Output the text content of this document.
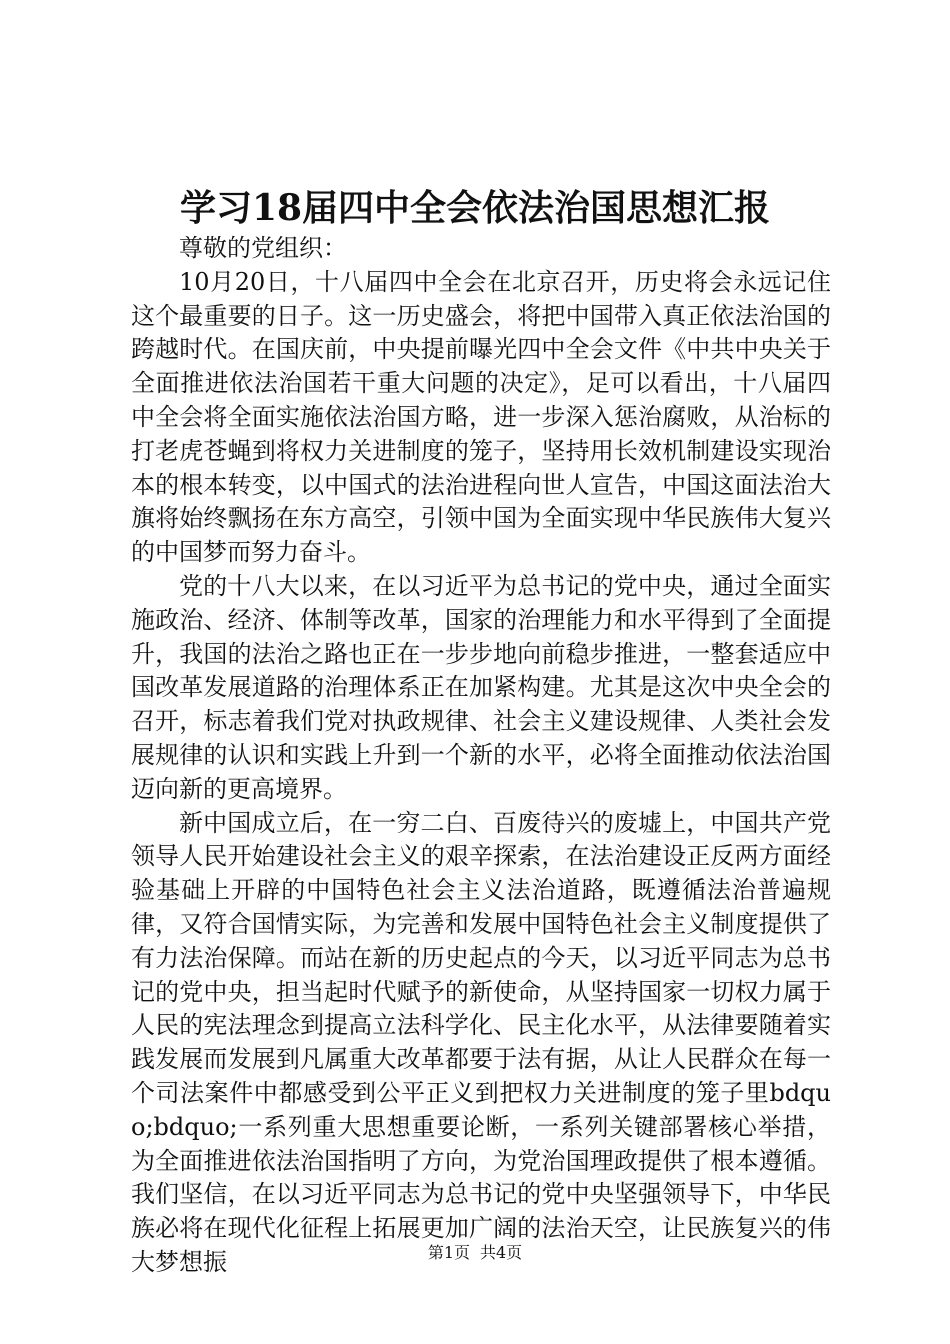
学习18届四中全会依法治国思想汇报

尊敬的党组织：

10月20日，十八届四中全会在北京召开，历史将会永远记住这个最重要的日子。这一历史盛会，将把中国带入真正依法治国的跨越时代。在国庆前，中央提前曝光四中全会文件《中共中央关于全面推进依法治国若干重大问题的决定》，足可以看出，十八届四中全会将全面实施依法治国方略，进一步深入惩治腐败，从治标的打老虎苍蝇到将权力关进制度的笼子，坚持用长效机制建设实现治本的根本转变，以中国式的法治进程向世人宣告，中国这面法治大旗将始终飘扬在东方高空，引领中国为全面实现中华民族伟大复兴的中国梦而努力奋斗。

党的十八大以来，在以习近平为总书记的党中央，通过全面实施政治、经济、体制等改革，国家的治理能力和水平得到了全面提升，我国的法治之路也正在一步步地向前稳步推进，一整套适应中国改革发展道路的治理体系正在加紧构建。尤其是这次中央全会的召开，标志着我们党对执政规律、社会主义建设规律、人类社会发展规律的认识和实践上升到一个新的水平，必将全面推动依法治国迈向新的更高境界。

新中国成立后，在一穷二白、百废待兴的废墟上，中国共产党领导人民开始建设社会主义的艰辛探索，在法治建设正反两方面经验基础上开辟的中国特色社会主义法治道路，既遵循法治普遍规律，又符合国情实际，为完善和发展中国特色社会主义制度提供了有力法治保障。而站在新的历史起点的今天，以习近平同志为总书记的党中央，担当起时代赋予的新使命，从坚持国家一切权力属于人民的宪法理念到提高立法科学化、民主化水平，从法律要随着实践发展而发展到凡属重大改革都要于法有据，从让人民群众在每一个司法案件中都感受到公平正义到把权力关进制度的笼子里bdquo;bdquo;一系列重大思想重要论断，一系列关键部署核心举措，为全面推进依法治国指明了方向，为党治国理政提供了根本遵循。我们坚信，在以习近平同志为总书记的党中央坚强领导下，中华民族必将在现代化征程上拓展更加广阔的法治天空，让民族复兴的伟大梦想振	第1页 共4页
